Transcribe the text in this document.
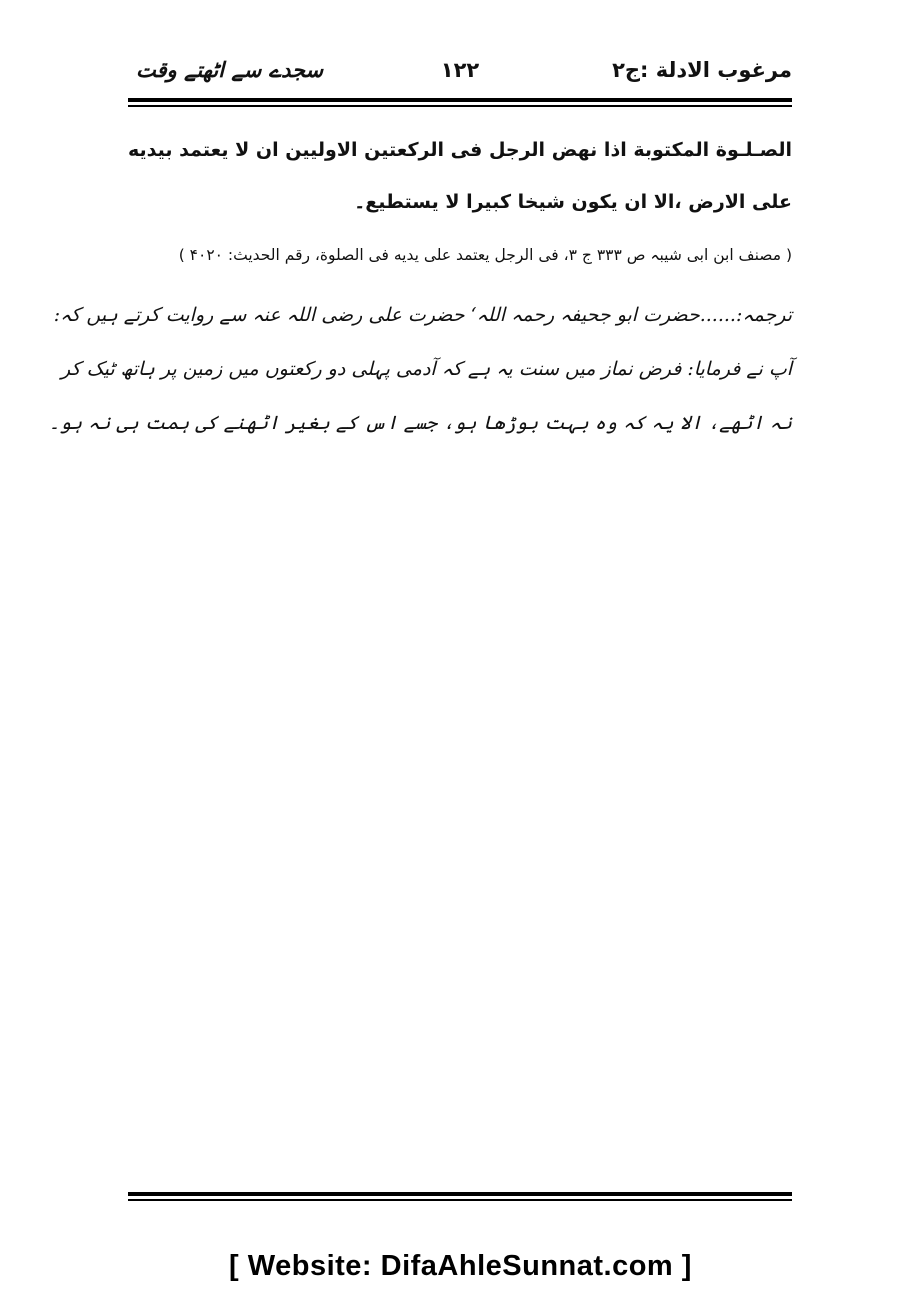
مرغوب الادلة :ج۲
۱۲۲
سجدے سے اٹھتے وقت
الصـلـوة المكتوبة اذا نهض الرجل فی الركعتين الاوليين ان لا يعتمد بيديه على الارض ،الا ان يكون شيخا كبيرا لا يستطيع۔
( مصنف ابن ابی شیبہ ص ۳۳۳ ج ۳، فی الرجل يعتمد علی يديه فی الصلوة، رقم الحديث: ۴۰۲۰ )

ترجمہ:......حضرت ابو جحیفہ رحمہ اللہ‘ حضرت علی رضی اللہ عنہ سے روایت کرتے ہیں کہ:

آپ نے فرمایا: فرض نماز میں سنت یہ ہے کہ آدمی پہلی دو رکعتوں میں زمین پر ہاتھ ٹیک کر

نہ اٹھے، الا یہ کہ وہ بہت بوڑھا ہو، جسے اس کے بغیر اٹھنے کی ہمت ہی نہ ہو۔

[ Website: DifaAhleSunnat.com ]
